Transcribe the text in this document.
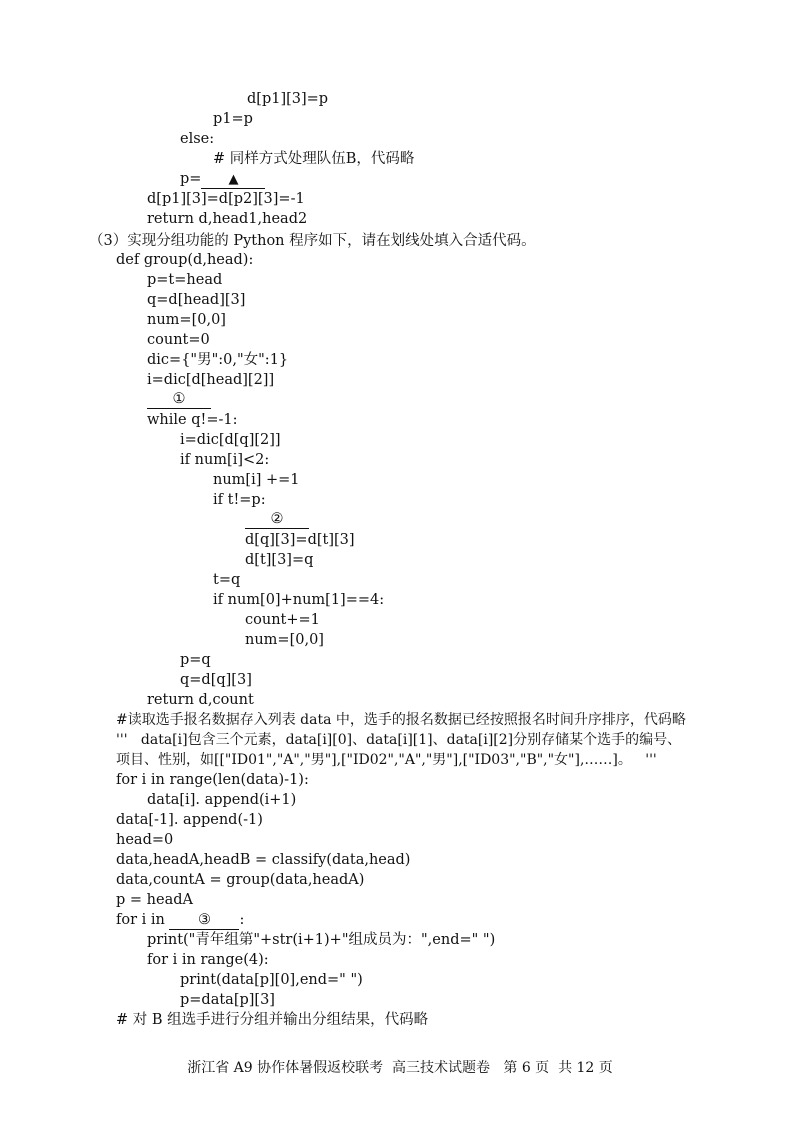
d[p1][3]=p
p1=p
else:
# 同样方式处理队伍B，代码略
p= ▲
d[p1][3]=d[p2][3]=-1
return d,head1,head2
（3）实现分组功能的 Python 程序如下，请在划线处填入合适代码。
def group(d,head):
p=t=head
q=d[head][3]
num=[0,0]
count=0
dic={"男":0,"女":1}
i=dic[d[head][2]]
①
while q!=-1:
i=dic[d[q][2]]
if num[i]<2:
num[i] +=1
if t!=p:
②
d[q][3]=d[t][3]
d[t][3]=q
t=q
if num[0]+num[1]==4:
count+=1
num=[0,0]
p=q
q=d[q][3]
return d,count
#读取选手报名数据存入列表 data 中，选手的报名数据已经按照报名时间升序排序，代码略
'''   data[i]包含三个元素，data[i][0]、data[i][1]、data[i][2]分别存储某个选手的编号、
项目、性别，如[["ID01","A","男"],["ID02","A","男"],["ID03","B","女"],……]。   '''
for i in range(len(data)-1):
data[i]. append(i+1)
data[-1]. append(-1)
head=0
data,headA,headB = classify(data,head)
data,countA = group(data,headA)
p = headA
for i in ③ :
print("青年组第"+str(i+1)+"组成员为：",end=" ")
for i in range(4):
print(data[p][0],end=" ")
p=data[p][3]
# 对 B 组选手进行分组并输出分组结果，代码略
浙江省 A9 协作体暑假返校联考  高三技术试题卷   第 6 页  共 12 页
